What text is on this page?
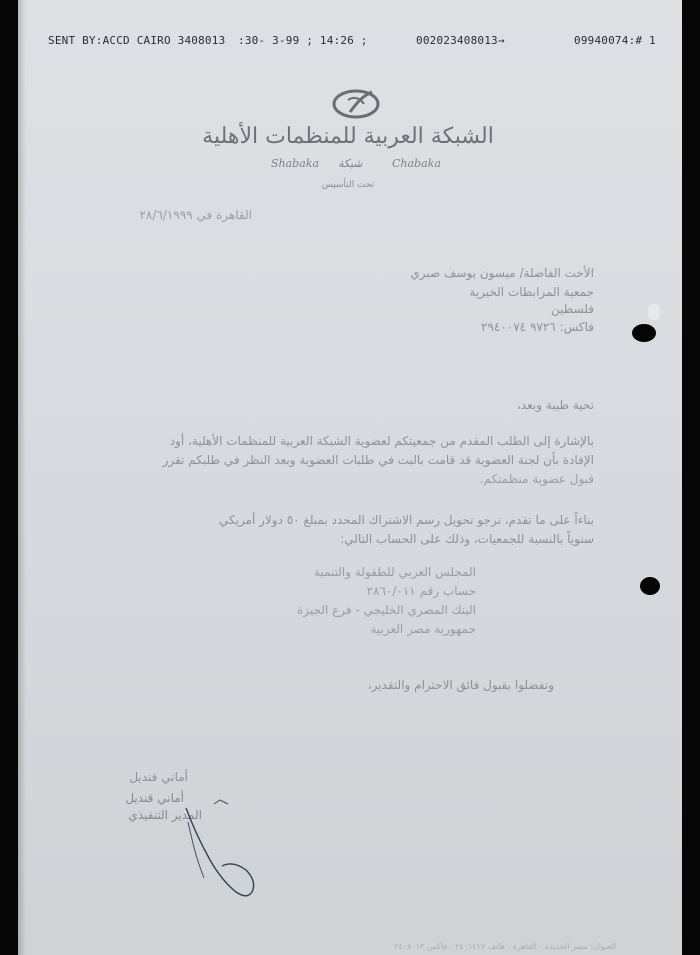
SENT BY:ACCD CAIRO 3408013 :30- 3-99 ; 14:26 ;	002023408013→	09940074:# 1
الشبكة العربية للمنظمات الأهلية
Shabaka شبكة	Chabaka
تحت التأسيس
القاهرة في ٢٨/٦/١٩٩٩
الأخت الفاضلة/ ميسون يوسف صبري
جمعية المرابطات الخيرية
فلسطين
فاكس: ٩٧٢٦ ٢٩٤٠٠٧٤
تحية طيبة وبعد،
بالإشارة إلى الطلب المقدم من جمعيتكم لعضوية الشبكة العربية للمنظمات الأهلية، أود
الإفادة بأن لجنة العضوية قد قامت بالبت في طلبات العضوية وبعد النظر في طلبكم تقرر
قبول عضوية منظمتكم.
بناءاً على ما تقدم، نرجو تحويل رسم الاشتراك المحدد بمبلغ ٥٠ دولار أمريكي
سنوياً بالنسبة للجمعيات، وذلك على الحساب التالي:
المجلس العربي للطفولة والتنمية
حساب رقم ٢٨٦٠/٠١١
البنك المصري الخليجي - فرع الجيزة
جمهورية مصر العربية
وتفضلوا بقبول فائق الاحترام والتقدير،
أماني قنديل
أماني قنديل
المدير التنفيذي
العنوان: مصر الجديدة - القاهرة - هاتف ٢٤٠١٤١٧ - فاكس ٢٤٠٨٠١٣
